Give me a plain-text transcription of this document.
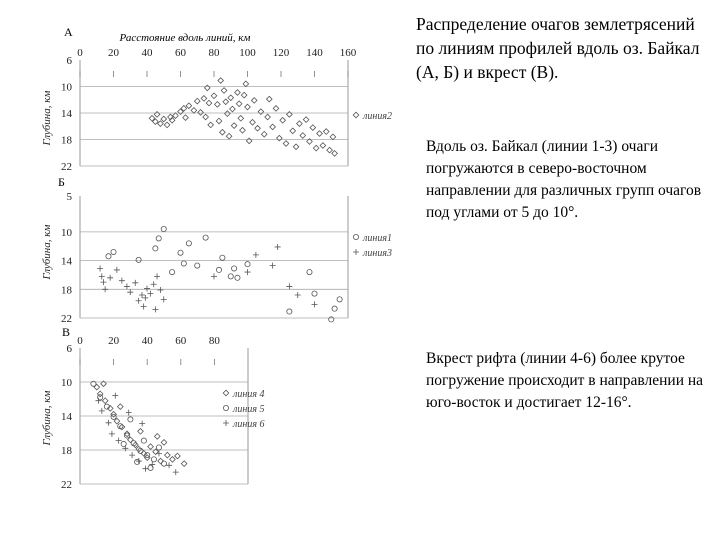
А	Расстояние вдоль линий, км
6
10
14
18
22
0 20 40 60 80 100 120 140 160
Глубина, км	линия2
Б
5
10
14
18
22
Глубина, км	линия1
линия3
В
6
10
14
18
22
0 20 40 60 80
Глубина, км	линия 4
линия 5
линия 6
Распределение очагов землетрясений по линиям профилей вдоль оз. Байкал (А, Б) и вкрест (В).
Вдоль оз. Байкал (линии 1-3) очаги погружаются в северо-восточном направлении для различных групп очагов под углами от 5 до 10°.
Вкрест рифта (линии 4-6) более крутое погружение происходит в направлении на юго-восток и достигает 12-16°.
